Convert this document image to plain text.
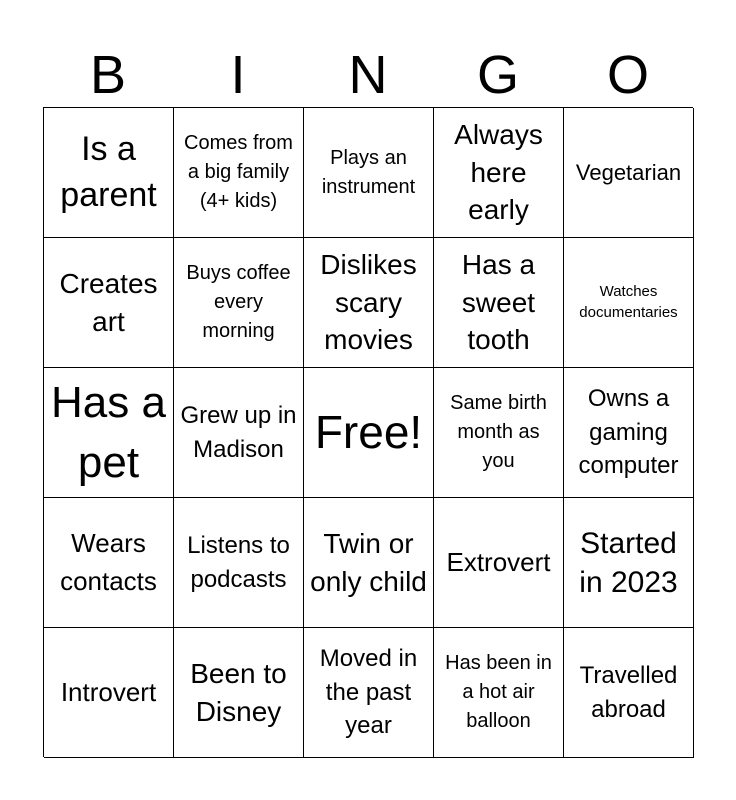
B	I	N	G	O
Is a parent
Comes from a big family (4+ kids)
Plays an instrument
Always here early
Vegetarian
Creates art
Buys coffee every morning
Dislikes scary movies
Has a sweet tooth
Watches documentaries
Has a pet
Grew up in Madison Free!
Same birth month as you
Owns a gaming computer
Wears contacts
Listens to podcasts
Twin or only child
Extrovert
Started in 2023
Introvert
Been to Disney
Moved in the past year
Has been in a hot air balloon
Travelled abroad
